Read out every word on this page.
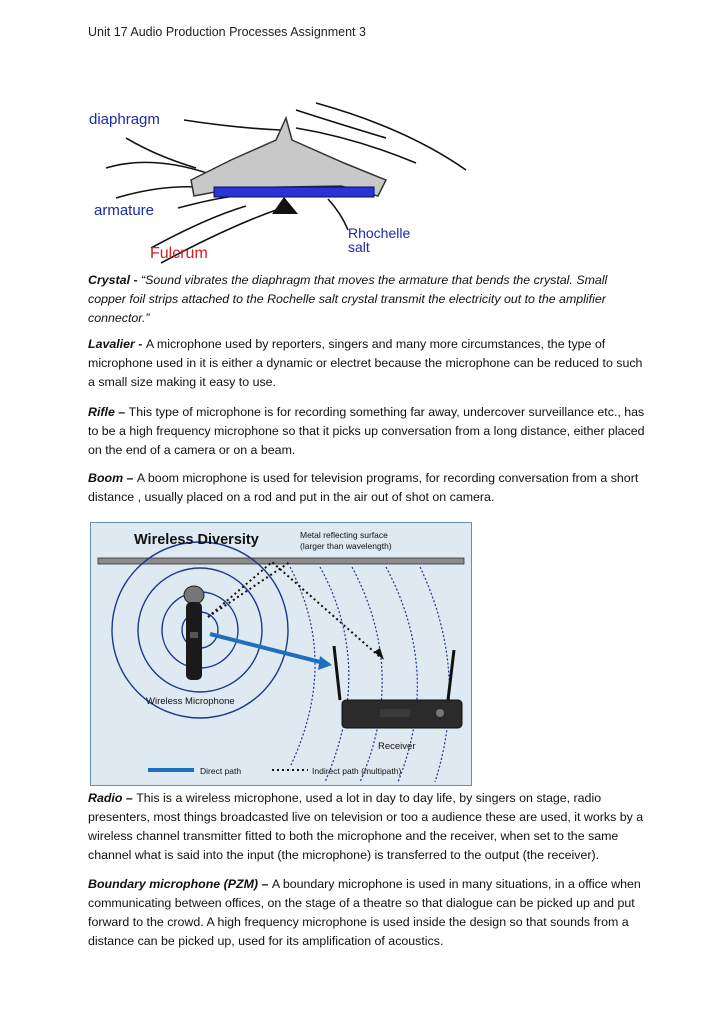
Unit 17 Audio Production Processes Assignment 3
diaphragm
armature
Rhochelle
salt
Fulcrum

Crystal - “Sound vibrates the diaphragm that moves the armature that bends the crystal. Small copper foil strips attached to the Rochelle salt crystal transmit the electricity out to the amplifier connector.”

Lavalier - A microphone used by reporters, singers and many more circumstances, the type of microphone used in it is either a dynamic or electret because the microphone can be reduced to such a small size making it easy to use.

Rifle – This type of microphone is for recording something far away, undercover surveillance etc., has to be a high frequency microphone so that it picks up conversation from a long distance, either placed on the end of a camera or on a beam.

Boom – A boom microphone is used for television programs, for recording conversation from a short distance , usually placed on a rod and put in the air out of shot on camera.

Wireless Diversity	Metal reflecting surface
(larger than wavelength)
Wireless Microphone
Receiver
Direct path	Indirect path (multipath)

Radio – This is a wireless microphone, used a lot in day to day life, by singers on stage, radio presenters, most things broadcasted live on television or too a audience these are used, it works by a wireless channel transmitter fitted to both the microphone and the receiver, when set to the same channel what is said into the input (the microphone) is transferred to the output (the receiver).

Boundary microphone (PZM) – A boundary microphone is used in many situations, in a office when communicating between offices, on the stage of a theatre so that dialogue can be picked up and put forward to the crowd. A high frequency microphone is used inside the design so that sounds from a distance can be picked up, used for its amplification of acoustics.
